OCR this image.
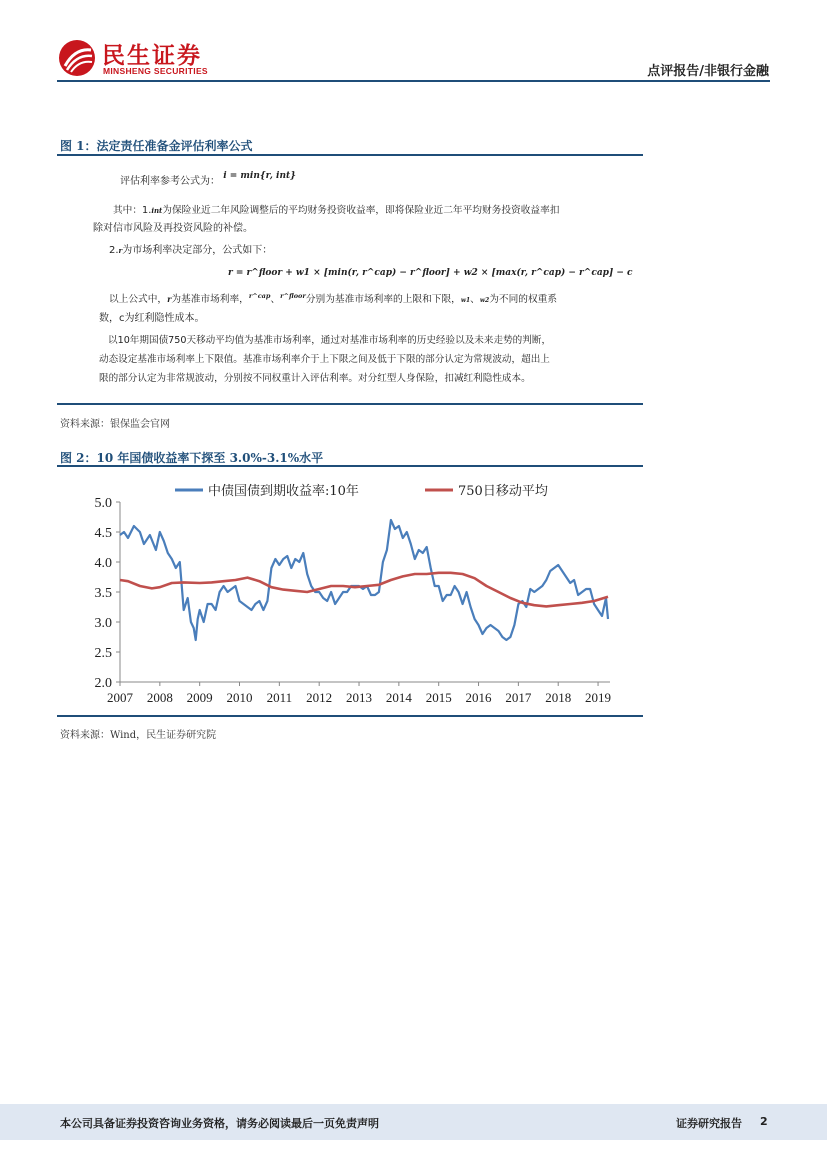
民生证券
MINSHENG SECURITIES	点评报告/非银行金融
图 1：法定责任准备金评估利率公式
评估利率参考公式为： i = min{r, int}
其中：1.int为保险业近二年风险调整后的平均财务投资收益率，即将保险业近二年平均财务投资收益率扣
除对信市风险及再投资风险的补偿。
2.r为市场利率决定部分，公式如下：
r = r^floor + w1 × [min(r, r^cap) − r^floor] + w2 × [max(r, r^cap) − r^cap] − c
以上公式中，r为基准市场利率，$^{r\^{}cap}$、$^{r\^{}floor}$分别为基准市场利率的上限和下限，w1、w2为不同的权重系
数，c为红利隐性成本。
以10年期国债750天移动平均值为基准市场利率，通过对基准市场利率的历史经验以及未来走势的判断，
动态设定基准市场利率上下限值。基准市场利率介于上下限之间及低于下限的部分认定为常规波动，超出上
限的部分认定为非常规波动，分别按不同权重计入评估利率。对分红型人身保险，扣减红利隐性成本。
资料来源：银保监会官网
图 2：10 年国债收益率下探至 3.0%-3.1%水平
5.0
4.5
4.0
3.5
3.0
2.5
2.0
2007 2008 2009 2010 2011 2012 2013 2014 2015 2016 2017 2018 2019
中债国债到期收益率:10年	750日移动平均
资料来源：Wind，民生证券研究院
本公司具备证券投资咨询业务资格，请务必阅读最后一页免责声明	证券研究报告 2
